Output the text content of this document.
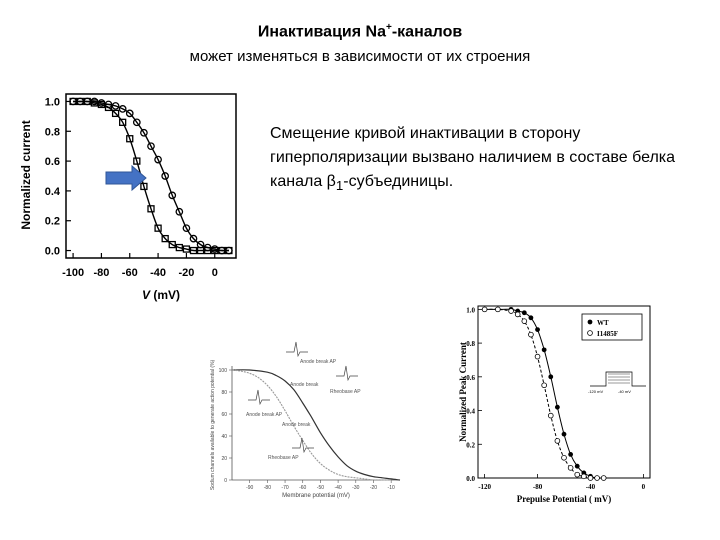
Инактивация Na+-каналов
может изменяться в зависимости от их строения
Смещение кривой инактивации в сторону гиперполяризации вызвано наличием в составе белка канала $\beta_1$-субъединицы.
1.0
0.8
0.6
0.4
0.2
0.0
-100 -80 -60 -40 -20 0
Normalized current
V (mV)
100
80
60
40
20
0
-90 -80 -70 -60 -50 -40 -30 -20 -10
Membrane potential (mV)
Sodium channels available to generate action potential (%)	Anode break AP
Anode break
Rheobase AP
Anode break AP
Anode break
Rheobase AP
1.0
0.8
0.6
0.4
0.2
0.0
-120	-80	-40	0
Prepulse Potential ( mV)
Normalized Peak Current
WT
I1485F
-120 mV	-40 mV
